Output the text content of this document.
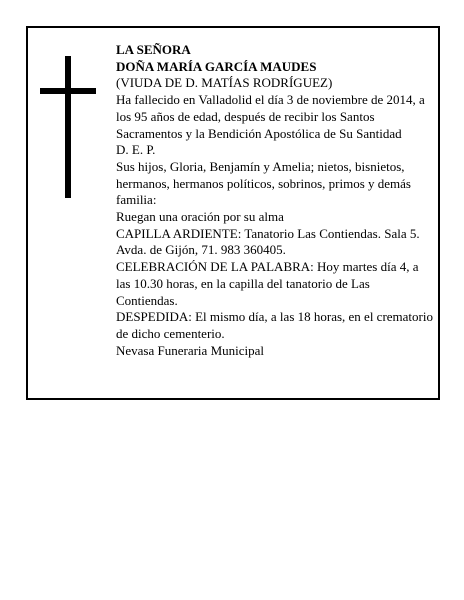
LA SEÑORA

DOÑA MARÍA GARCÍA MAUDES

(VIUDA DE D. MATÍAS RODRÍGUEZ)

Ha fallecido en Valladolid el día 3 de noviembre de 2014, a los 95 años de edad, después de recibir los Santos Sacramentos y la Bendición Apostólica de Su Santidad

D. E. P.

Sus hijos, Gloria, Benjamín y Amelia; nietos, bisnietos, hermanos, hermanos políticos, sobrinos, primos y demás familia:

Ruegan una oración por su alma

CAPILLA ARDIENTE: Tanatorio Las Contiendas. Sala 5. Avda. de Gijón, 71. 983 360405.

CELEBRACIÓN DE LA PALABRA: Hoy martes día 4, a las 10.30 horas, en la capilla del tanatorio de Las Contiendas.

DESPEDIDA: El mismo día, a las 18 horas, en el crematorio de dicho cementerio.

Nevasa Funeraria Municipal
